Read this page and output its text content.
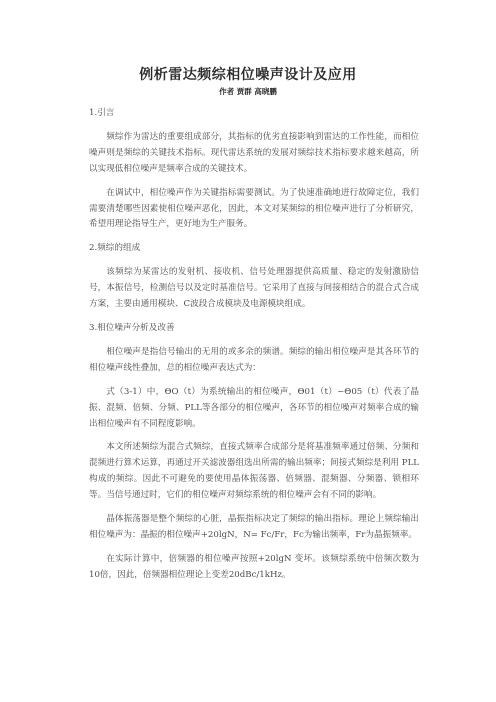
例析雷达频综相位噪声设计及应用
作者 贾群 高晓鹏

1.引言

频综作为雷达的重要组成部分，其指标的优劣直接影响到雷达的工作性能，而相位噪声则是频综的关键技术指标。现代雷达系统的发展对频综技术指标要求越来越高，所以实现低相位噪声是频率合成的关键技术。

在调试中，相位噪声作为关键指标需要测试。为了快速准确地进行故障定位，我们需要清楚哪些因素使相位噪声恶化，因此，本文对某频综的相位噪声进行了分析研究，希望用理论指导生产，更好地为生产服务。

2.频综的组成

该频综为某雷达的发射机、接收机、信号处理器提供高质量、稳定的发射激励信号，本振信号，检测信号以及定时基准信号。它采用了直接与间接相结合的混合式合成方案，主要由通用模块、C波段合成模块及电源模块组成。

3.相位噪声分析及改善

相位噪声是指信号输出的无用的或多余的频谱。频综的输出相位噪声是其各环节的相位噪声线性叠加，总的相位噪声表达式为：

式（3-1）中，ΘO（t）为系统输出的相位噪声，Θ01（t）~Θ05（t）代表了晶振、混频、倍频、分频、PLL等各部分的相位噪声，各环节的相位噪声对频率合成的输出相位噪声有不同程度影响。

本文所述频综为混合式频综，直接式频率合成部分是将基准频率通过倍频、分频和混频进行算术运算，再通过开关滤波器组选出所需的输出频率；间接式频综是利用 PLL 构成的频综。因此不可避免的要使用晶体振荡器、倍频器、混频器、分频器、锁相环等。当信号通过时，它们的相位噪声对频综系统的相位噪声会有不同的影响。

晶体振荡器是整个频综的心脏，晶振指标决定了频综的输出指标。理论上频综输出相位噪声为：晶振的相位噪声+20lgN，N= Fc/Fr，Fc为输出频率，Fr为晶振频率。

在实际计算中，倍频器的相位噪声按照+20lgN 变坏。该频综系统中倍频次数为10倍，因此，倍频器相位理论上变差20dBc/1kHz。
